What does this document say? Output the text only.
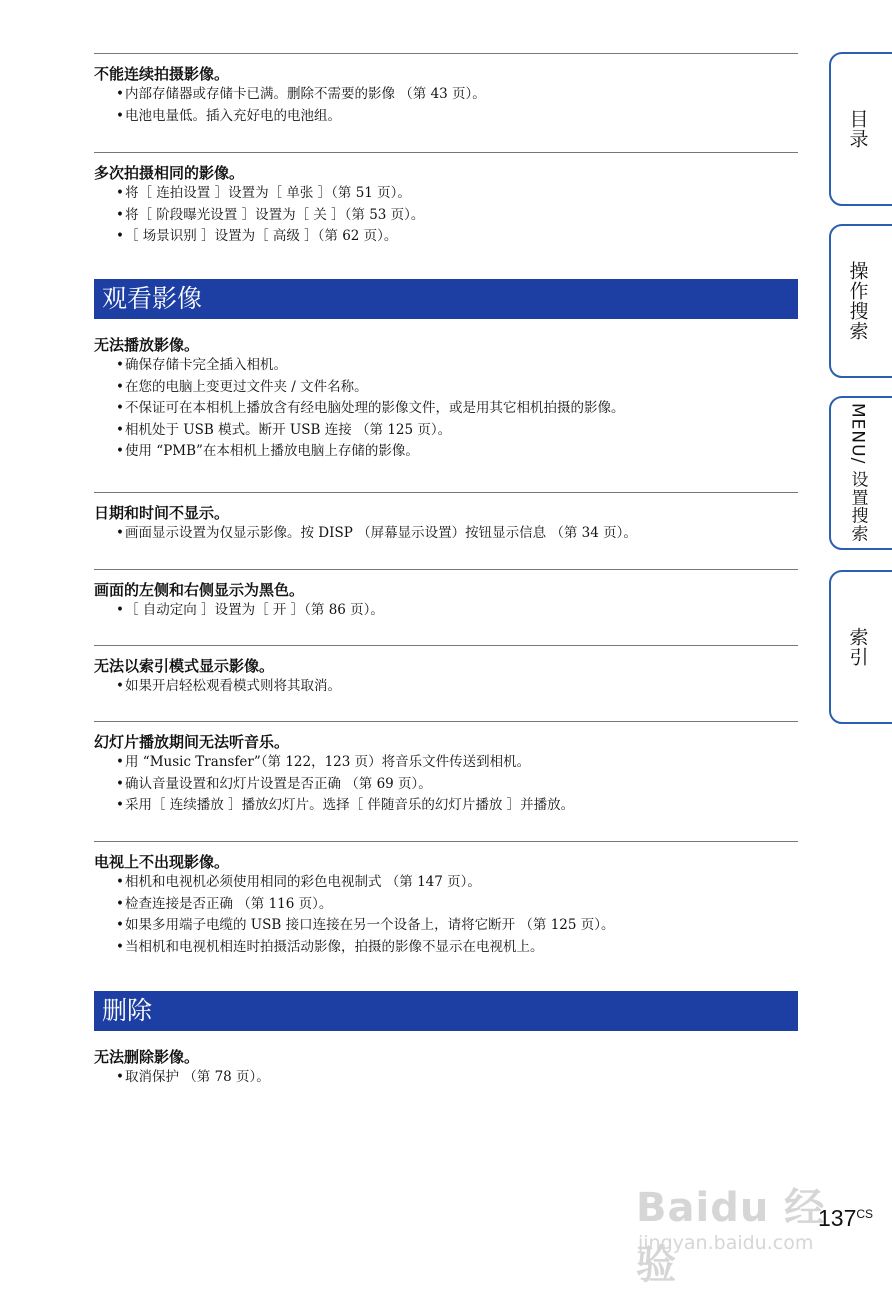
不能连续拍摄影像。
•内部存储器或存储卡已满。删除不需要的影像 （第 43 页）。
•电池电量低。插入充好电的电池组。
多次拍摄相同的影像。
•将［ 连拍设置 ］设置为［ 单张 ］（第 51 页）。
•将［ 阶段曝光设置 ］设置为［ 关 ］（第 53 页）。
•［ 场景识别 ］设置为［ 高级 ］（第 62 页）。
观看影像
无法播放影像。
•确保存储卡完全插入相机。
•在您的电脑上变更过文件夹 / 文件名称。
•不保证可在本相机上播放含有经电脑处理的影像文件，或是用其它相机拍摄的影像。
•相机处于 USB 模式。断开 USB 连接 （第 125 页）。
•使用 “PMB”在本相机上播放电脑上存储的影像。
日期和时间不显示。
•画面显示设置为仅显示影像。按 DISP （屏幕显示设置）按钮显示信息 （第 34 页）。
画面的左侧和右侧显示为黑色。
•［ 自动定向 ］设置为［ 开 ］（第 86 页）。
无法以索引模式显示影像。
•如果开启轻松观看模式则将其取消。
幻灯片播放期间无法听音乐。
•用 “Music Transfer”（第 122，123 页）将音乐文件传送到相机。
•确认音量设置和幻灯片设置是否正确 （第 69 页）。
•采用［ 连续播放 ］播放幻灯片。选择［ 伴随音乐的幻灯片播放 ］并播放。
电视上不出现影像。
•相机和电视机必须使用相同的彩色电视制式 （第 147 页）。
•检查连接是否正确 （第 116 页）。
•如果多用端子电缆的 USB 接口连接在另一个设备上，请将它断开 （第 125 页）。
•当相机和电视机相连时拍摄活动影像，拍摄的影像不显示在电视机上。
删除
无法删除影像。
•取消保护 （第 78 页）。
目录
操作搜索
MENU/ 设置搜索
索引
Baidu 经验
jingyan.baidu.com
$137^{CS}$
